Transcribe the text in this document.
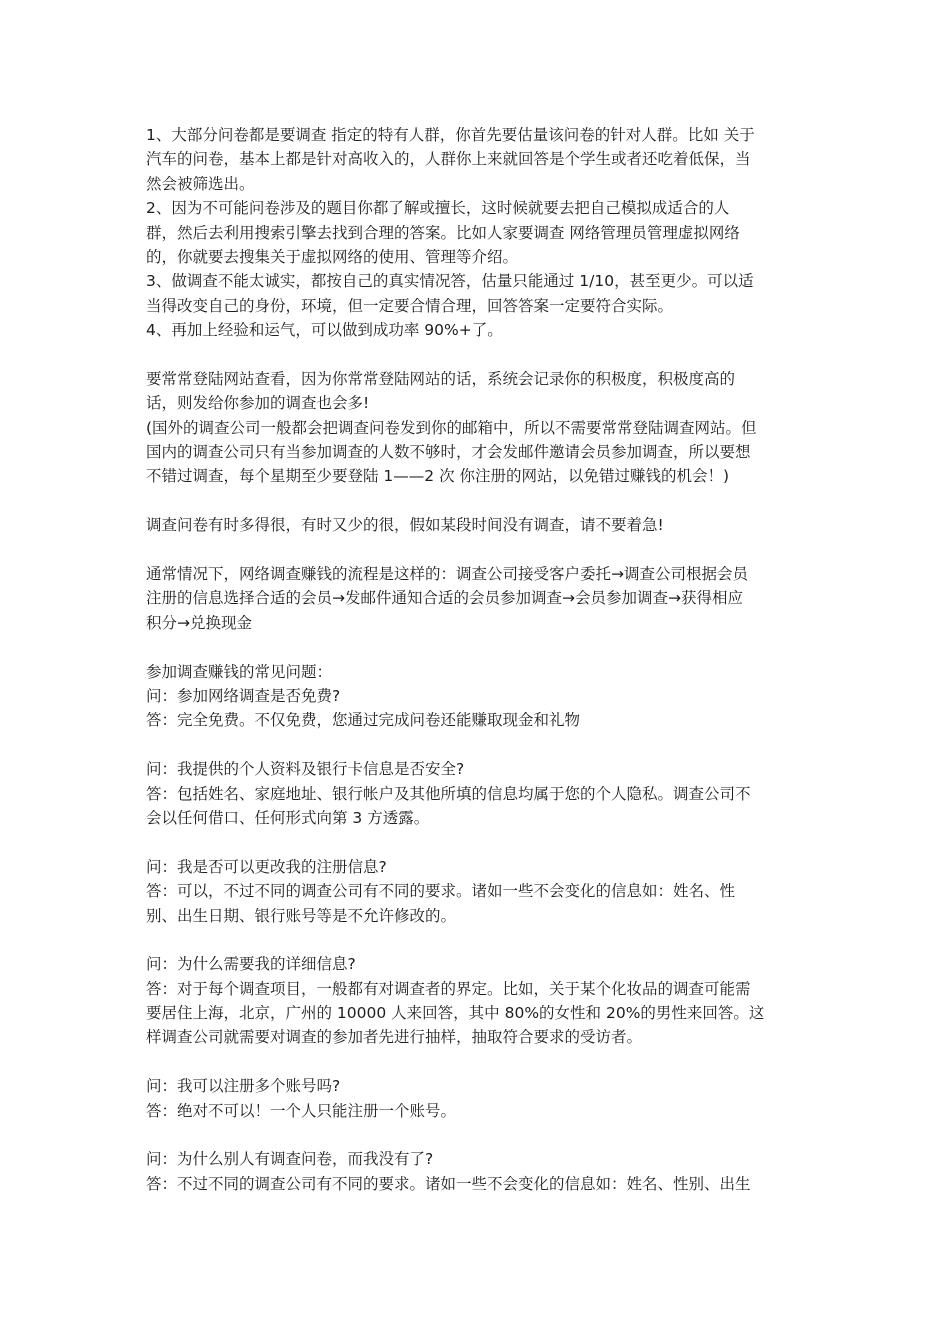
1、大部分问卷都是要调查 指定的特有人群，你首先要估量该问卷的针对人群。比如 关于
汽车的问卷，基本上都是针对高收入的，人群你上来就回答是个学生或者还吃着低保，当
然会被筛选出。
2、因为不可能问卷涉及的题目你都了解或擅长，这时候就要去把自己模拟成适合的人
群，然后去利用搜索引擎去找到合理的答案。比如人家要调查 网络管理员管理虚拟网络
的，你就要去搜集关于虚拟网络的使用、管理等介绍。
3、做调查不能太诚实，都按自己的真实情况答，估量只能通过 1/10，甚至更少。可以适
当得改变自己的身份，环境，但一定要合情合理，回答答案一定要符合实际。
4、再加上经验和运气，可以做到成功率 90%+了。
要常常登陆网站查看，因为你常常登陆网站的话，系统会记录你的积极度，积极度高的
话，则发给你参加的调查也会多!
(国外的调查公司一般都会把调查问卷发到你的邮箱中，所以不需要常常登陆调查网站。但
国内的调查公司只有当参加调查的人数不够时，才会发邮件邀请会员参加调查，所以要想
不错过调查，每个星期至少要登陆 1——2 次 你注册的网站，以免错过赚钱的机会！)
调查问卷有时多得很，有时又少的很，假如某段时间没有调查，请不要着急!
通常情况下，网络调查赚钱的流程是这样的：调查公司接受客户委托→调查公司根据会员
注册的信息选择合适的会员→发邮件通知合适的会员参加调查→会员参加调查→获得相应
积分→兑换现金
参加调查赚钱的常见问题：
问：参加网络调查是否免费?
答：完全免费。不仅免费，您通过完成问卷还能赚取现金和礼物
问：我提供的个人资料及银行卡信息是否安全?
答：包括姓名、家庭地址、银行帐户及其他所填的信息均属于您的个人隐私。调查公司不
会以任何借口、任何形式向第 3 方透露。
问：我是否可以更改我的注册信息?
答：可以，不过不同的调查公司有不同的要求。诸如一些不会变化的信息如：姓名、性
别、出生日期、银行账号等是不允许修改的。
问：为什么需要我的详细信息?
答：对于每个调查项目，一般都有对调查者的界定。比如，关于某个化妆品的调查可能需
要居住上海，北京，广州的 10000 人来回答，其中 80%的女性和 20%的男性来回答。这
样调查公司就需要对调查的参加者先进行抽样，抽取符合要求的受访者。
问：我可以注册多个账号吗?
答：绝对不可以！一个人只能注册一个账号。
问：为什么别人有调查问卷，而我没有了?
答：不过不同的调查公司有不同的要求。诸如一些不会变化的信息如：姓名、性别、出生
